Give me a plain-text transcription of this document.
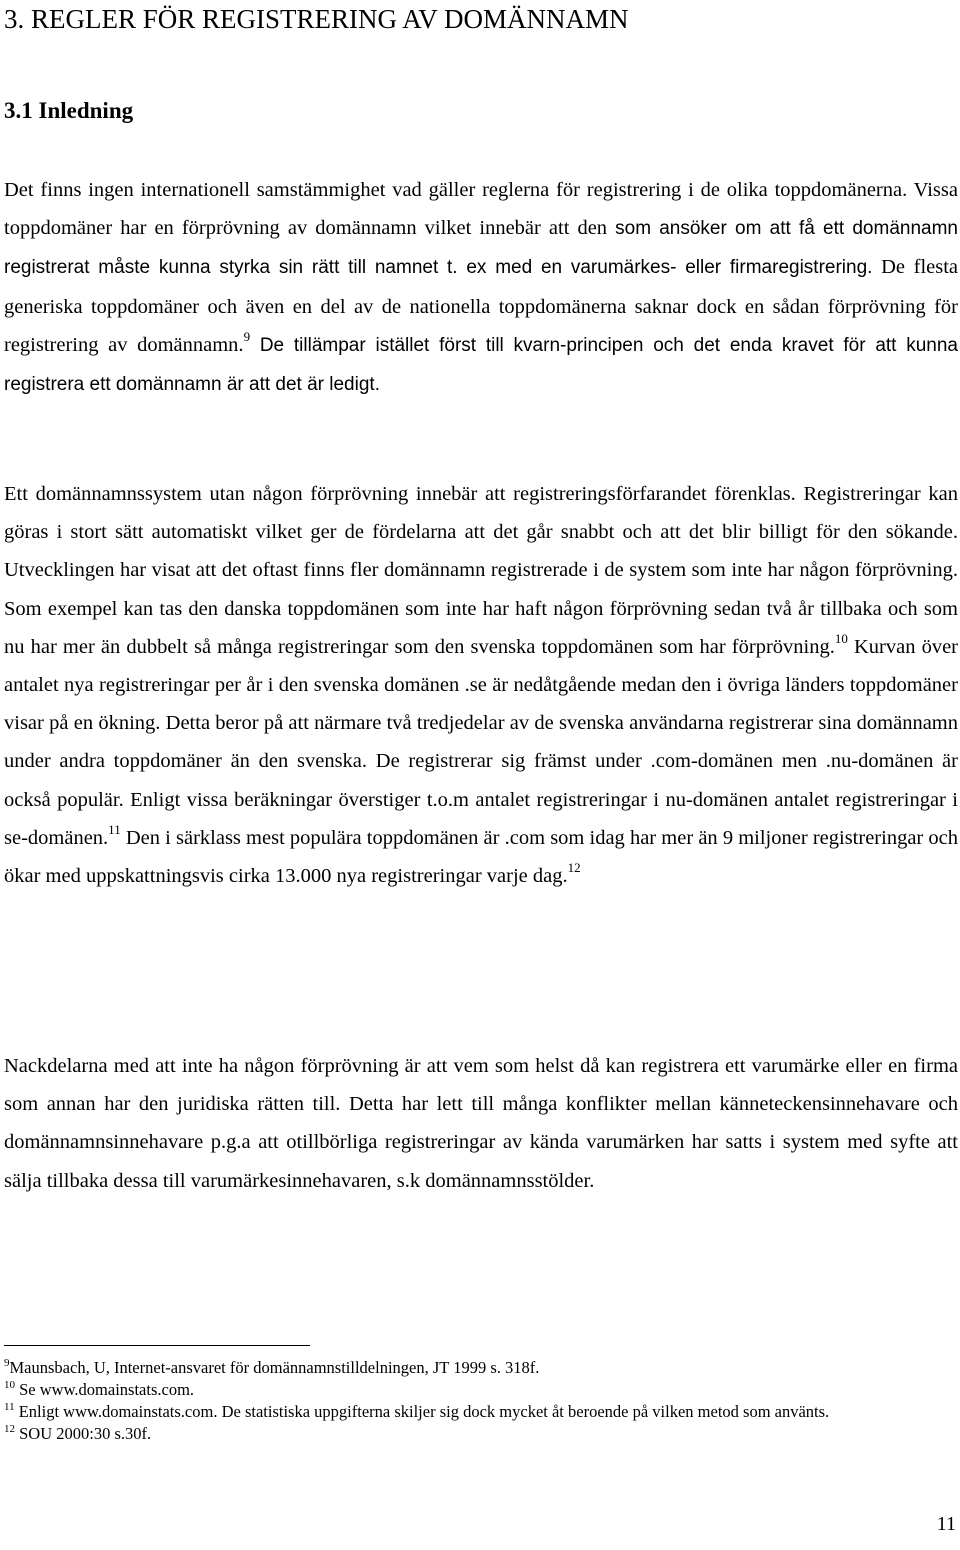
3. REGLER FÖR REGISTRERING AV DOMÄNNAMN
3.1 Inledning

Det finns ingen internationell samstämmighet vad gäller reglerna för registrering i de olika toppdomänerna. Vissa toppdomäner har en förprövning av domännamn vilket innebär att den som ansöker om att få ett domännamn registrerat måste kunna styrka sin rätt till namnet t. ex med en varumärkes- eller firmaregistrering. De flesta generiska toppdomäner och även en del av de nationella toppdomänerna saknar dock en sådan förprövning för registrering av domännamn.$^9$ De tillämpar istället först till kvarn-principen och det enda kravet för att kunna registrera ett domännamn är att det är ledigt.

Ett domännamnssystem utan någon förprövning innebär att registreringsförfarandet förenklas. Registreringar kan göras i stort sätt automatiskt vilket ger de fördelarna att det går snabbt och att det blir billigt för den sökande. Utvecklingen har visat att det oftast finns fler domännamn registrerade i de system som inte har någon förprövning. Som exempel kan tas den danska toppdomänen som inte har haft någon förprövning sedan två år tillbaka och som nu har mer än dubbelt så många registreringar som den svenska toppdomänen som har förprövning.$^{10}$ Kurvan över antalet nya registreringar per år i den svenska domänen .se är nedåtgående medan den i övriga länders toppdomäner visar på en ökning. Detta beror på att närmare två tredjedelar av de svenska användarna registrerar sina domännamn under andra toppdomäner än den svenska. De registrerar sig främst under .com-domänen men .nu-domänen är också populär. Enligt vissa beräkningar överstiger t.o.m antalet registreringar i nu-domänen antalet registreringar i se-domänen.$^{11}$ Den i särklass mest populära toppdomänen är .com som idag har mer än 9 miljoner registreringar och ökar med uppskattningsvis cirka 13.000 nya registreringar varje dag.$^{12}$

Nackdelarna med att inte ha någon förprövning är att vem som helst då kan registrera ett varumärke eller en firma som annan har den juridiska rätten till. Detta har lett till många konflikter mellan känneteckensinnehavare och domännamnsinnehavare p.g.a att otillbörliga registreringar av kända varumärken har satts i system med syfte att sälja tillbaka dessa till varumärkesinnehavaren, s.k domännamnsstölder.

$^9$Maunsbach, U, Internet-ansvaret för domännamnstilldelningen, JT 1999 s. 318f.

$^{10}$ Se www.domainstats.com.

$^{11}$ Enligt www.domainstats.com. De statistiska uppgifterna skiljer sig dock mycket åt beroende på vilken metod som använts.

$^{12}$ SOU 2000:30 s.30f.

11
